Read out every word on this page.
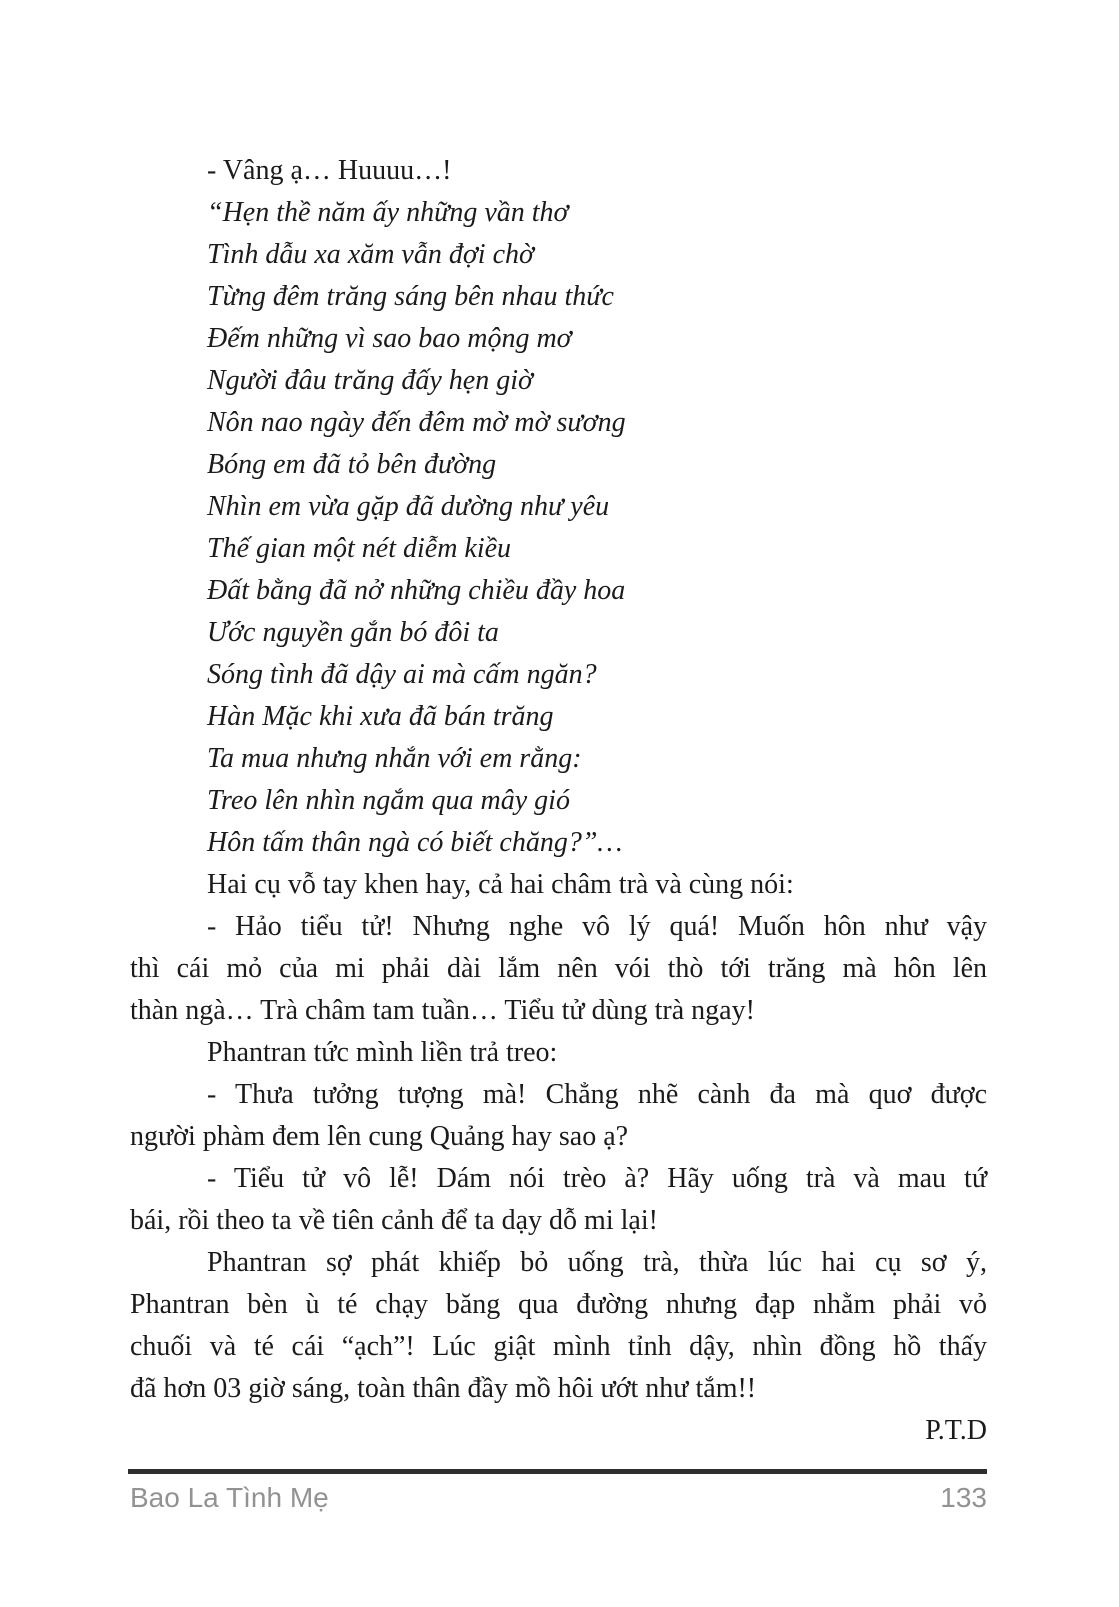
- Vâng ạ… Huuuu…!
“Hẹn thề năm ấy những vần thơ
Tình dẫu xa xăm vẫn đợi chờ
Từng đêm trăng sáng bên nhau thức
Đếm những vì sao bao mộng mơ
Người đâu trăng đấy hẹn giờ
Nôn nao ngày đến đêm mờ mờ sương
Bóng em đã tỏ bên đường
Nhìn em vừa gặp đã dường như yêu
Thế gian một nét diễm kiều
Đất bằng đã nở những chiều đầy hoa
Ước nguyền gắn bó đôi ta
Sóng tình đã dậy ai mà cấm ngăn?
Hàn Mặc khi xưa đã bán trăng
Ta mua nhưng nhắn với em rằng:
Treo lên nhìn ngắm qua mây gió
Hôn tấm thân ngà có biết chăng?”…
Hai cụ vỗ tay khen hay, cả hai châm trà và cùng nói:
- Hảo tiểu tử! Nhưng nghe vô lý quá! Muốn hôn như vậy
thì cái mỏ của mi phải dài lắm nên vói thò tới trăng mà hôn lên
thàn ngà… Trà châm tam tuần… Tiểu tử dùng trà ngay!
Phantran tức mình liền trả treo:
- Thưa tưởng tượng mà! Chẳng nhẽ cành đa mà quơ được
người phàm đem lên cung Quảng hay sao ạ?
- Tiểu tử vô lễ! Dám nói trèo à? Hãy uống trà và mau tứ
bái, rồi theo ta về tiên cảnh để ta dạy dỗ mi lại!
Phantran sợ phát khiếp bỏ uống trà, thừa lúc hai cụ sơ ý,
Phantran bèn ù té chạy băng qua đường nhưng đạp nhằm phải vỏ
chuối và té cái “ạch”! Lúc giật mình tỉnh dậy, nhìn đồng hồ thấy
đã hơn 03 giờ sáng, toàn thân đầy mồ hôi ướt như tắm!!
P.T.D
Bao La Tình Mẹ	133
